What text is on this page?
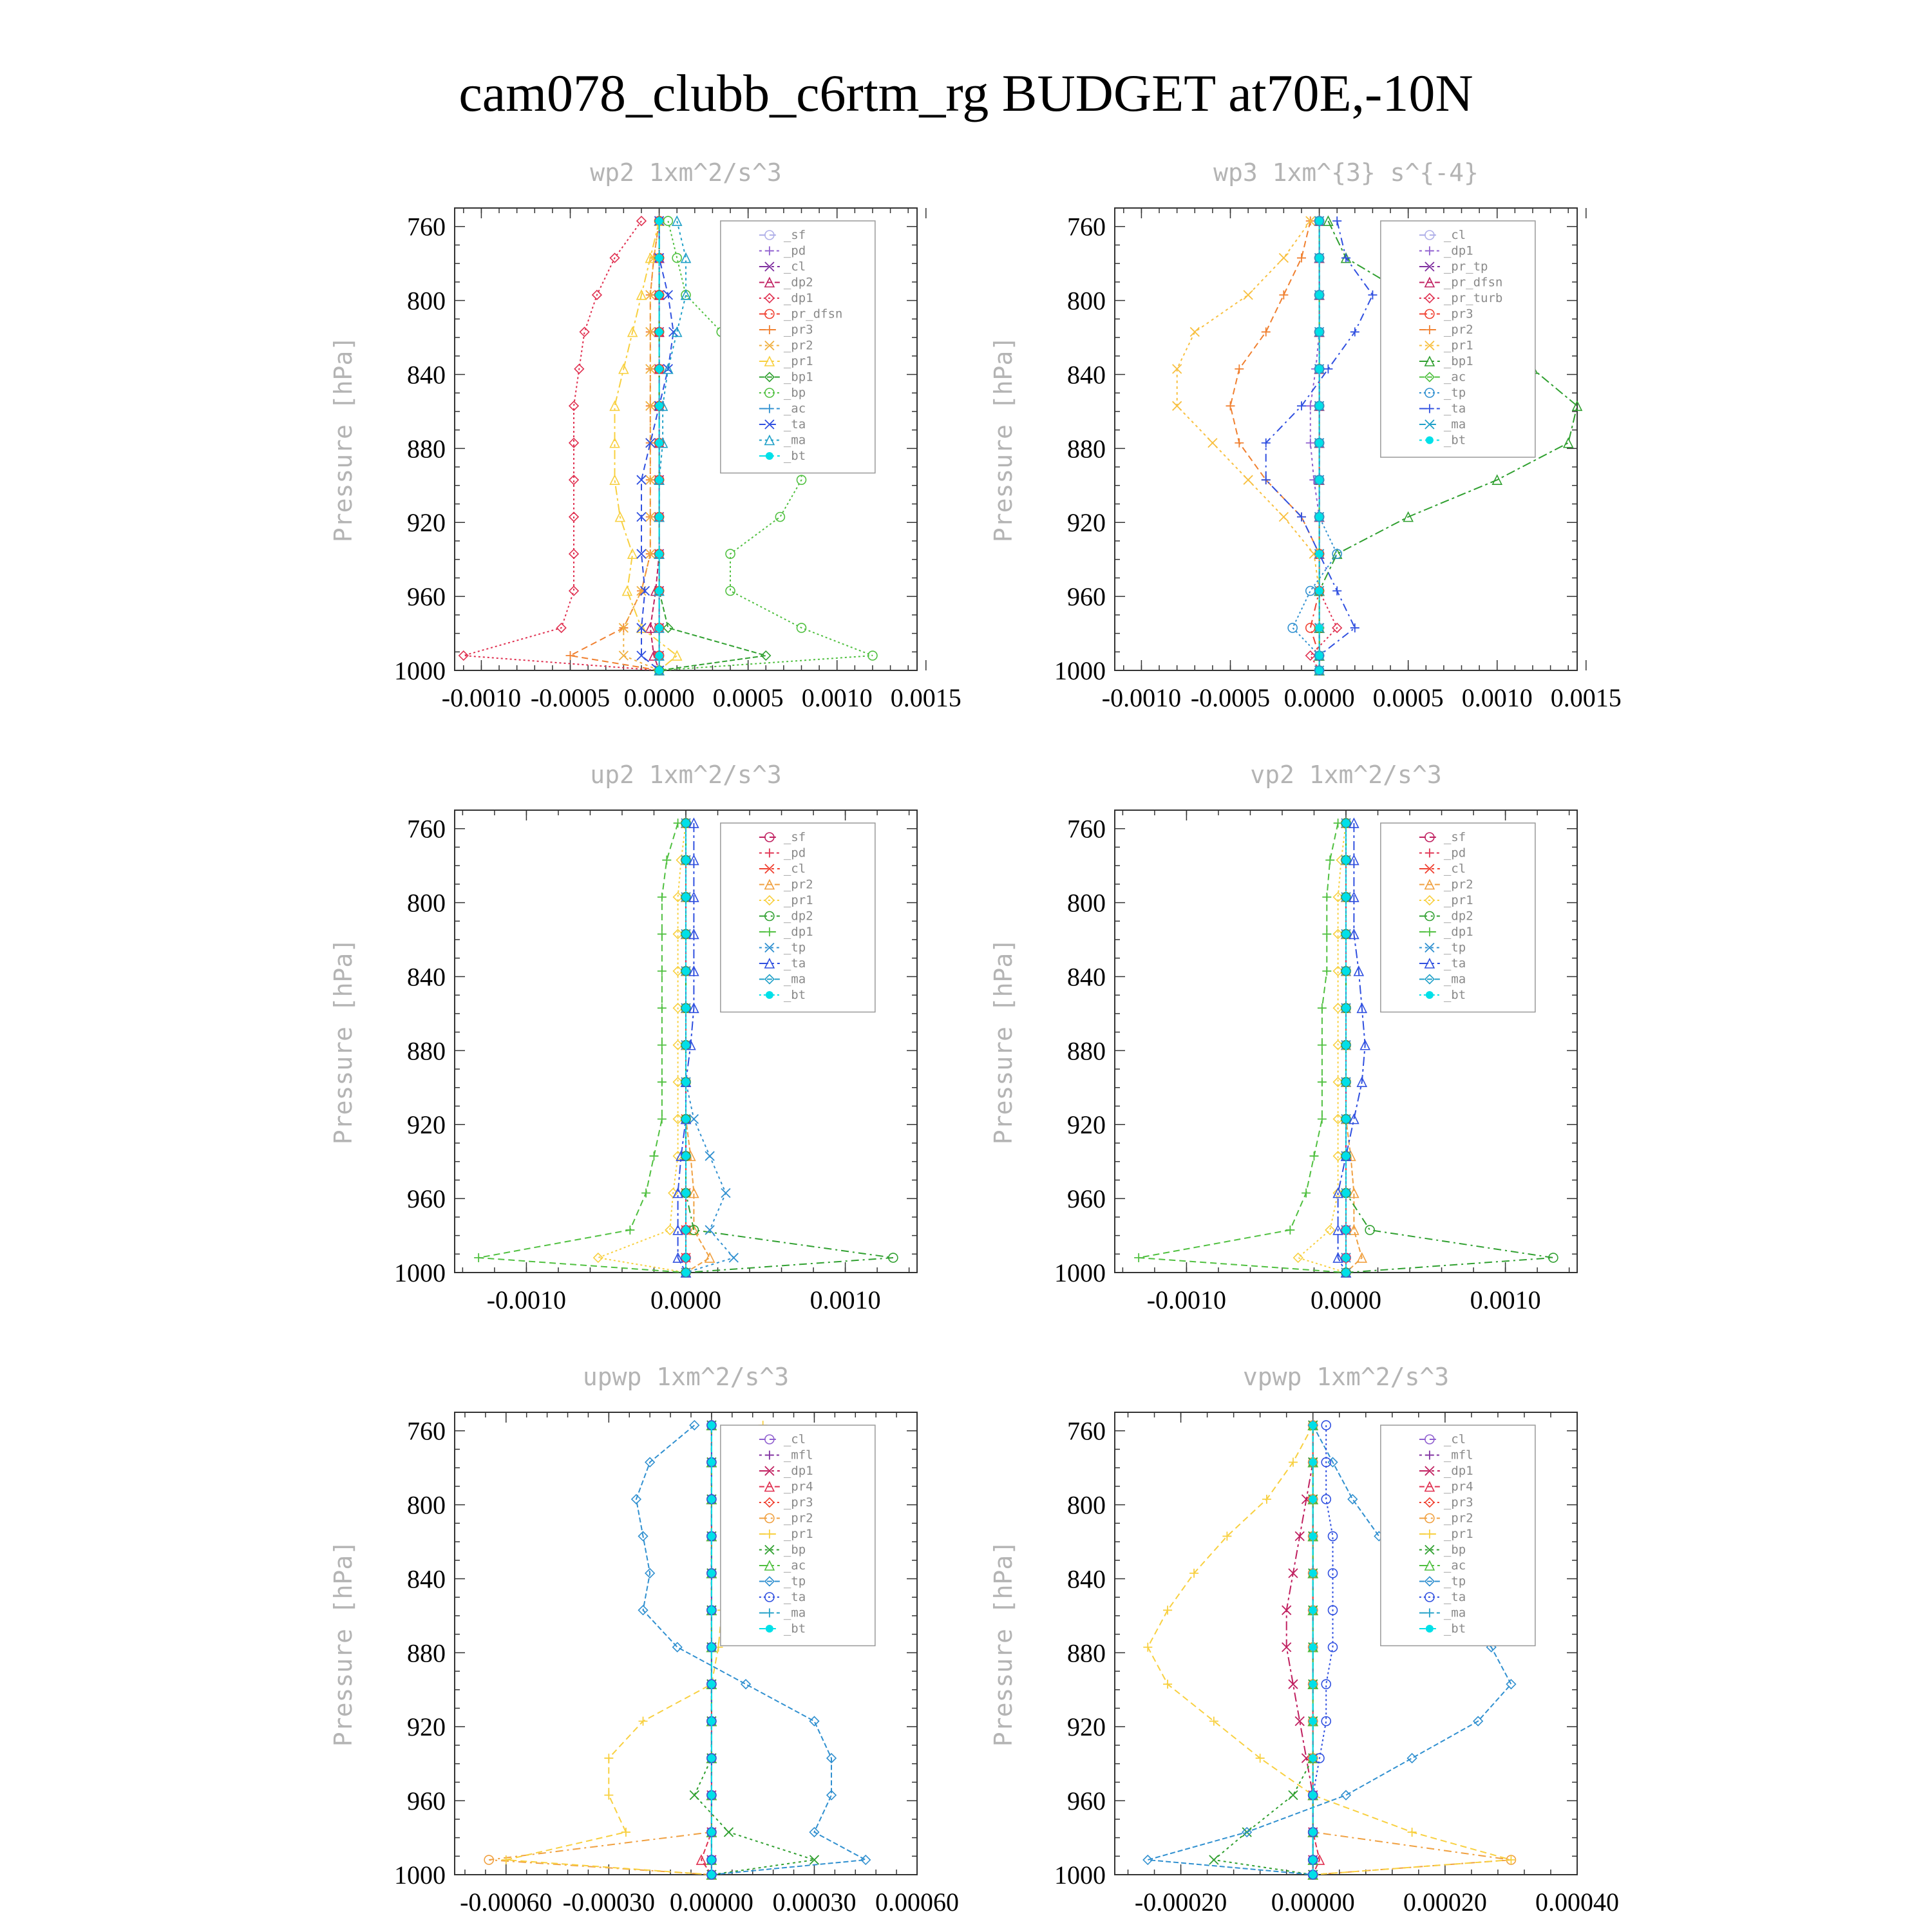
cam078_clubb_c6rtm_rg BUDGET at70E,-10N
wp2 1xm^2/s^3
Pressure [hPa]
760
800
840
880
920
960
1000
-0.0010 -0.0005 0.0000 0.0005 0.0010 0.0015
_sf
_pd
_cl
_dp2
_dp1
_pr_dfsn
_pr3
_pr2
_pr1
_bp1
_bp
_ac
_ta
_ma
_bt
wp3 1xm^{3} s^{-4}
Pressure [hPa]
760
800
840
880
920
960
1000
-0.0010 -0.0005 0.0000 0.0005 0.0010 0.0015
_cl
_dp1
_pr_tp
_pr_dfsn
_pr_turb
_pr3
_pr2
_pr1
_bp1
_ac
_tp
_ta
_ma
_bt
up2 1xm^2/s^3
Pressure [hPa]
760
800
840
880
920
960
1000
-0.0010	0.0000	0.0010
_sf
_pd
_cl
_pr2
_pr1
_dp2
_dp1
_tp
_ta
_ma
_bt
vp2 1xm^2/s^3
Pressure [hPa]
760
800
840
880
920
960
1000
-0.0010	0.0000	0.0010
_sf
_pd
_cl
_pr2
_pr1
_dp2
_dp1
_tp
_ta
_ma
_bt
upwp 1xm^2/s^3
Pressure [hPa]
760
800
840
880
920
960
1000
-0.00060 -0.00030 0.00000 0.00030 0.00060
_cl
_mfl
_dp1
_pr4
_pr3
_pr2
_pr1
_bp
_ac
_tp
_ta
_ma
_bt
vpwp 1xm^2/s^3
Pressure [hPa]
760
800
840
880
920
960
1000
-0.00020 0.00000 0.00020 0.00040
_cl
_mfl
_dp1
_pr4
_pr3
_pr2
_pr1
_bp
_ac
_tp
_ta
_ma
_bt
